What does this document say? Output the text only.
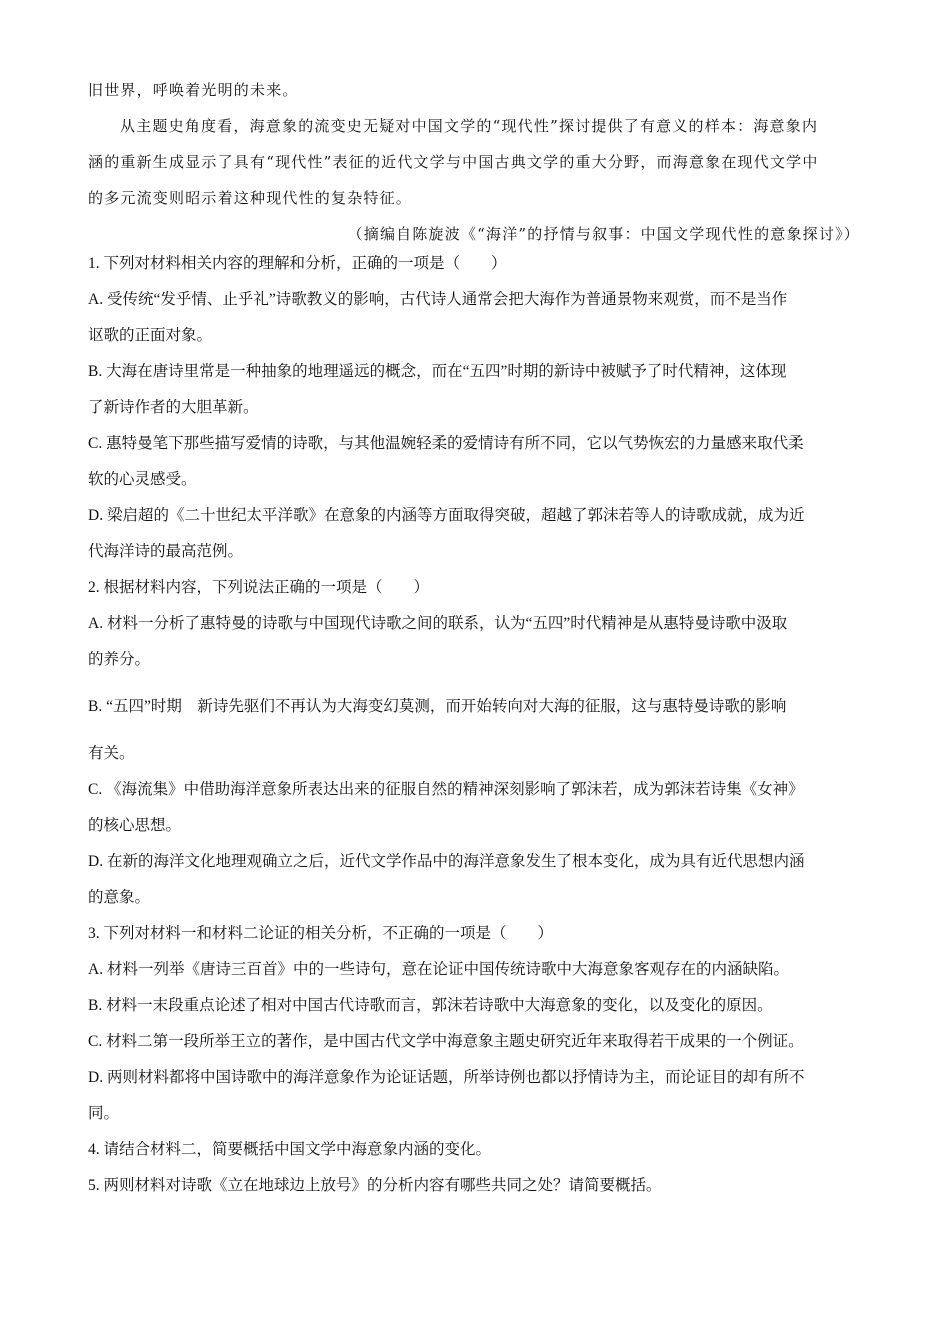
旧世界，呼唤着光明的未来。

从主题史角度看，海意象的流变史无疑对中国文学的“现代性”探讨提供了有意义的样本：海意象内

涵的重新生成显示了具有“现代性”表征的近代文学与中国古典文学的重大分野，而海意象在现代文学中

的多元流变则昭示着这种现代性的复杂特征。

（摘编自陈旋波《“海洋”的抒情与叙事：中国文学现代性的意象探讨》）

1. 下列对材料相关内容的理解和分析，正确的一项是（　　）

A. 受传统“发乎情、止乎礼”诗歌教义的影响，古代诗人通常会把大海作为普通景物来观赏，而不是当作

讴歌的正面对象。

B. 大海在唐诗里常是一种抽象的地理遥远的概念，而在“五四”时期的新诗中被赋予了时代精神，这体现

了新诗作者的大胆革新。

C. 惠特曼笔下那些描写爱情的诗歌，与其他温婉轻柔的爱情诗有所不同，它以气势恢宏的力量感来取代柔

软的心灵感受。

D. 梁启超的《二十世纪太平洋歌》在意象的内涵等方面取得突破，超越了郭沫若等人的诗歌成就，成为近

代海洋诗的最高范例。

2. 根据材料内容，下列说法正确的一项是（　　）

A. 材料一分析了惠特曼的诗歌与中国现代诗歌之间的联系，认为“五四”时代精神是从惠特曼诗歌中汲取

的养分。

B. “五四”时期　新诗先驱们不再认为大海变幻莫测，而开始转向对大海的征服，这与惠特曼诗歌的影响

有关。

C. 《海流集》中借助海洋意象所表达出来的征服自然的精神深刻影响了郭沫若，成为郭沫若诗集《女神》

的核心思想。

D. 在新的海洋文化地理观确立之后，近代文学作品中的海洋意象发生了根本变化，成为具有近代思想内涵

的意象。

3. 下列对材料一和材料二论证的相关分析，不正确的一项是（　　）

A. 材料一列举《唐诗三百首》中的一些诗句，意在论证中国传统诗歌中大海意象客观存在的内涵缺陷。

B. 材料一末段重点论述了相对中国古代诗歌而言，郭沫若诗歌中大海意象的变化，以及变化的原因。

C. 材料二第一段所举王立的著作，是中国古代文学中海意象主题史研究近年来取得若干成果的一个例证。

D. 两则材料都将中国诗歌中的海洋意象作为论证话题，所举诗例也都以抒情诗为主，而论证目的却有所不

同。

4. 请结合材料二，简要概括中国文学中海意象内涵的变化。

5. 两则材料对诗歌《立在地球边上放号》的分析内容有哪些共同之处？请简要概括。
